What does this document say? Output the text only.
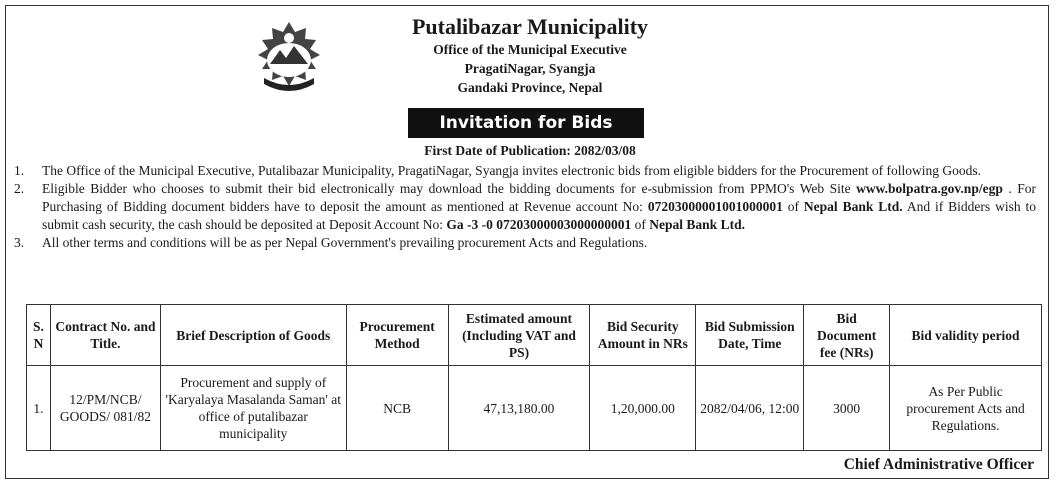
Putalibazar Municipality
Office of the Municipal Executive
PragatiNagar, Syangja
Gandaki Province, Nepal
Invitation for Bids
First Date of Publication: 2082/03/08
1.	The Office of the Municipal Executive, Putalibazar Municipality, PragatiNagar, Syangja invites electronic bids from eligible bidders for the Procurement of following Goods.
2.	Eligible Bidder who chooses to submit their bid electronically may download the bidding documents for e-submission from PPMO's Web Site www.bolpatra.gov.np/egp . For Purchasing of Bidding document bidders have to deposit the amount as mentioned at Revenue account No: 07203000001001000001 of Nepal Bank Ltd. And if Bidders wish to submit cash security, the cash should be deposited at Deposit Account No: Ga -3 -0 07203000003000000001 of Nepal Bank Ltd.
3.	All other terms and conditions will be as per Nepal Government's prevailing procurement Acts and Regulations.
S. N	Contract No. and Title.	Brief Description of Goods	Procurement Method	Estimated amount (Including VAT and PS)	Bid Security Amount in NRs	Bid Submission Date, Time	Bid Document fee (NRs)	Bid validity period
1.	12/PM/NCB/ GOODS/ 081/82	Procurement and supply of 'Karyalaya Masalanda Saman' at office of putalibazar municipality	NCB	47,13,180.00	1,20,000.00	2082/04/06, 12:00	3000	As Per Public procurement Acts and Regulations.
Chief Administrative Officer
